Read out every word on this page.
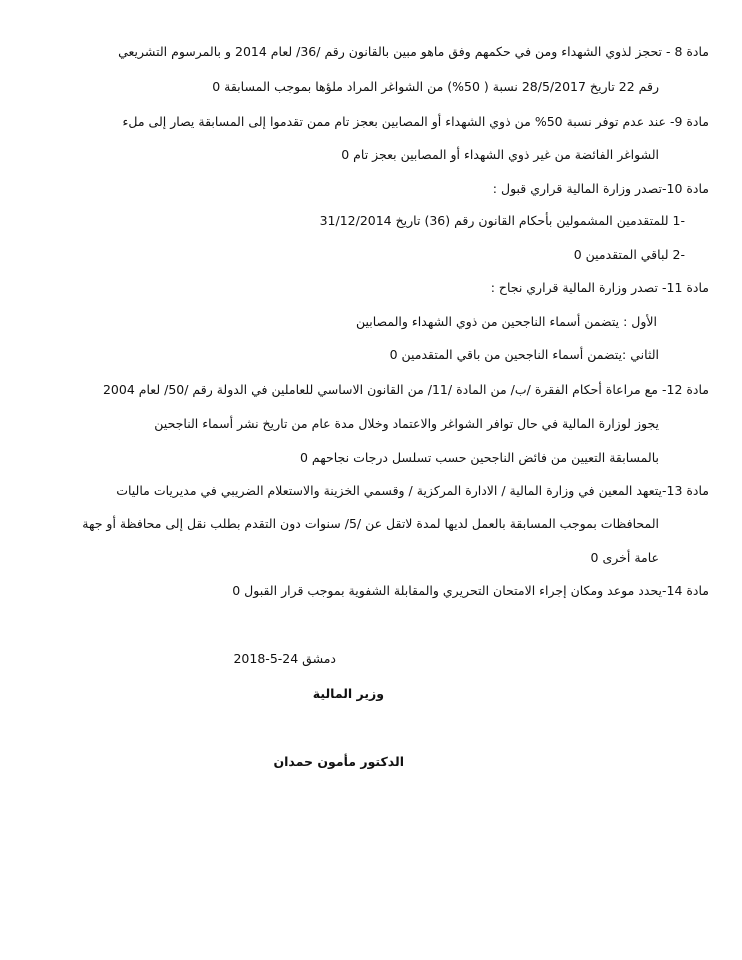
مادة 8 - تحجز لذوي الشهداء ومن في حكمهم وفق ماهو مبين بالقانون رقم /36/ لعام 2014 و بالمرسوم التشريعي

رقم 22 تاريخ 28/5/2017 نسبة ( 50%) من الشواغر المراد ملؤها بموجب المسابقة 0

مادة 9- عند عدم توفر نسبة 50% من ذوي الشهداء أو المصابين بعجز تام ممن تقدموا إلى المسابقة يصار إلى ملء

الشواغر الفائضة من غير ذوي الشهداء أو المصابين بعجز تام 0

مادة 10-تصدر وزارة المالية قراري قبول :

-1 للمتقدمين المشمولين بأحكام القانون رقم (36) تاريخ 31/12/2014

-2 لباقي المتقدمين 0

مادة 11- تصدر وزارة المالية قراري نجاح :

الأول : يتضمن أسماء الناجحين من ذوي الشهداء والمصابين

الثاني :يتضمن أسماء الناجحين من باقي المتقدمين 0

مادة 12- مع مراعاة أحكام الفقرة /ب/ من المادة /11/ من القانون الاساسي للعاملين في الدولة رقم /50/ لعام 2004

يجوز لوزارة المالية في حال توافر الشواغر والاعتماد وخلال مدة عام من تاريخ نشر أسماء الناجحين

بالمسابقة التعيين من فائض الناجحين حسب تسلسل درجات نجاحهم 0

مادة 13-يتعهد المعين في وزارة المالية / الادارة المركزية / وقسمي الخزينة والاستعلام الضريبي في مديريات ماليات

المحافظات بموجب المسابقة بالعمل لديها لمدة لاتقل عن /5/ سنوات دون التقدم بطلب نقل إلى محافظة أو جهة

عامة أخرى 0

مادة 14-يحدد موعد ومكان إجراء الامتحان التحريري والمقابلة الشفوية بموجب قرار القبول 0

دمشق 24-5-2018

وزير المالية

الدكتور مأمون حمدان
